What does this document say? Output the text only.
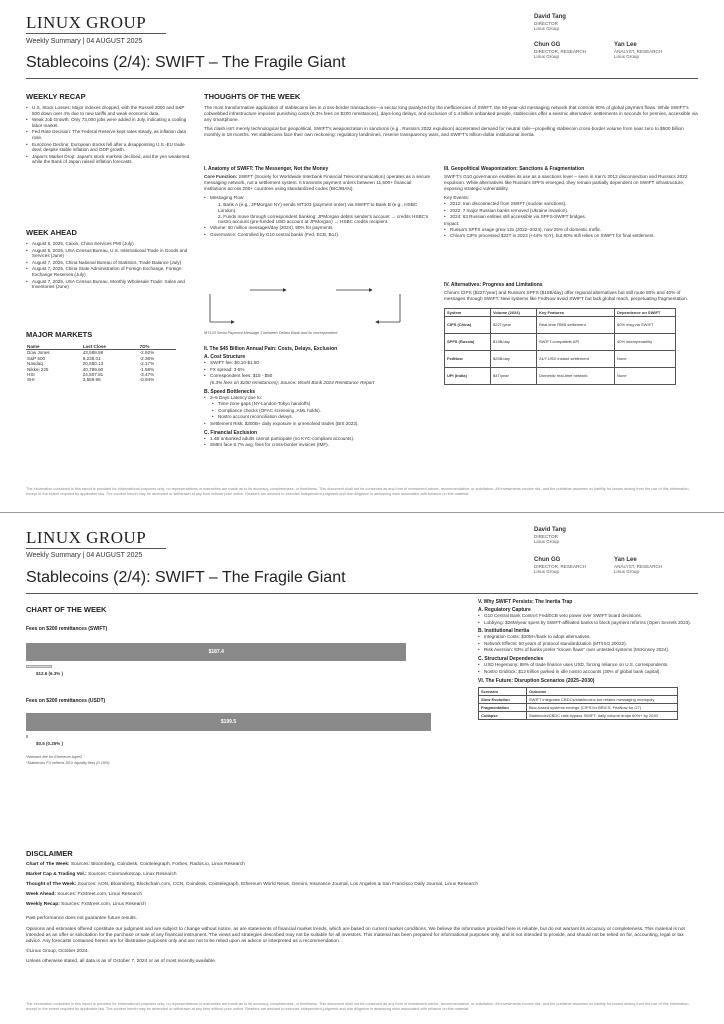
LINUX GROUP
Weekly Summary | 04 AUGUST 2025
Stablecoins (2/4): SWIFT – The Fragile Giant
David Tang
DIRECTOR
Linux Group
Chun GG
DIRECTOR, RESEARCH
Linux Group
Yan Lee
ANALYST, RESEARCH
Linux Group
WEEKLY RECAP
• U.S. Stock Losses: Major indexes dropped, with the Russell 2000 and S&P 500 down over 4% due to new tariffs and weak economic data.
• Weak Job Growth: Only 73,000 jobs were added in July, indicating a cooling labor market.
• Fed Rate Decision: The Federal Reserve kept rates steady, as inflation data rose.
• Eurozone Decline: European stocks fell after a disappointing U.S.-EU trade deal, despite stable inflation and GDP growth.
• Japan's Market Drop: Japan's stock markets declined, and the yen weakened, while the Bank of Japan raised inflation forecasts.
WEEK AHEAD
• August 5, 2025, Caixin, China Services PMI (July)
• August 5, 2025, USA Census Bureau, U.S. International Trade in Goods and Services (June)
• August 7, 2025, China National Bureau of Statistics, Trade Balance (July)
• August 7, 2025, China State Administration of Foreign Exchange, Foreign Exchange Reserves (July)
• August 7, 2025, USA Census Bureau, Monthly Wholesale Trade: Sales and Inventories (June)
MAJOR MARKETS
Name	Last Close	7D%
Dow Jones	43,588.58	-2.92%
S&P 500	6,238.01	-2.36%
Nasdaq	20,650.13	-2.17%
Nikkei 225	40,799.60	-1.58%
HSI	24,507.81	-3.47%
SHI	3,559.95	-0.94%
THOUGHTS OF THE WEEK
The most transformative application of stablecoins lies in cross-border transactions—a sector long paralyzed by the inefficiencies of SWIFT, the 50-year-old messaging network that controls 90% of global payment flows. While SWIFT's cobwebbed infrastructure imposes punishing costs (6.3% fees on $200 remittances), days-long delays, and exclusion of 1.4 billion unbanked people, stablecoins offer a seismic alternative: settlements in seconds for pennies, accessible via any smartphone.
This clash isn't merely technological but geopolitical. SWIFT's weaponization in sanctions (e.g., Russia's 2022 expulsion) accelerated demand for neutral rails—propelling stablecoin cross-border volume from near zero to $500 billion monthly in 18 months. Yet stablecoins face their own reckoning: regulatory landmines, reserve transparency wars, and SWIFT's trillion-dollar institutional inertia.
I. Anatomy of SWIFT: The Messenger, Not the Money
Core Function: SWIFT (Society for Worldwide Interbank Financial Telecommunication) operates as a secure messaging network, not a settlement system. It transmits payment orders between 11,500+ financial institutions across 200+ countries using standardized codes (BIC/IBAN).
• Messaging Flow:
1. Bank A (e.g., JPMorgan NY) sends MT103 (payment order) via SWIFT to Bank B (e.g., HSBC London).
2. Funds move through correspondent banking: JPMorgan debits sender's account → credits HSBC's nostro account (pre-funded USD account at JPMorgan) → HSBC credits recipient.
• Volume: 50 million messages/day (2024), 90% for payments.
• Governance: Controlled by G10 central banks (Fed, ECB, BoJ).
MT103 Serial Payment Message 1 between Debtor Bank and its correspondent
II. The $45 Billion Annual Pain: Costs, Delays, Exclusion
A. Cost Structure
• SWIFT fee: $0.10-$1.50
• FX spread: 3-5%
• Correspondent fees: $15 - $50
(6.3% fees on $200 remittances); Source: World Bank 2024 Remittance Report
B. Speed Bottlenecks
• 3–5 Days Latency due to:
• Time-zone gaps (NY-London-Tokyo handoffs)
• Compliance checks (OFAC screening, AML holds).
• Nostro account reconciliation delays.
• Settlement Risk: $300B+ daily exposure in unresolved trades (BIS 2023).
C. Financial Exclusion
• 1.4B unbanked adults cannot participate (no KYC-compliant accounts).
• SMEs face 8.7% avg. fees for cross-border invoices (IMF).
III. Geopolitical Weaponization: Sanctions & Fragmentation
SWIFT's G10 governance enables its use as a sanctions lever – seen in Iran's 2012 disconnection and Russia's 2022 expulsion. While alternatives like Russia's SPFS emerged, they remain partially dependent on SWIFT infrastructure, exposing strategic vulnerability.
Key Events:
• 2012: Iran disconnected from SWIFT (nuclear sanctions).
• 2022: 7 major Russian banks removed (Ukraine invasion).
• 2024: 63 Russian entities still accessible via SPFS-SWIFT bridges.
Impact:
• Russia's SPFS usage grew 12x (2022–2024), now 25% of domestic traffic.
• China's CIPS processed $22T in 2023 (+44% YoY), but 80% still relies on SWIFT for final settlement.
IV. Alternatives: Progress and Limitations
China's CIPS ($22T/year) and Russia's SPFS ($15B/day) offer regional alternatives but still route 80% and 40% of messages through SWIFT. New systems like FedNow avoid SWIFT but lack global reach, perpetuating fragmentation.
System	Volume (2024)	Key Features	Dependence on SWIFT
CIPS (China)	$22T/year	Real-time RMB settlement	80% msg via SWIFT
SPFS (Russia)	$15B/day	SWIFT-compatible API	40% interoperability
FedNow	$25B/day	24/7 USD instant settlement	None
UPI (India)	$4T/year	Domestic real-time network	None
The information contained in this report is provided for informational purposes only; no representations or warranties are made as to its accuracy, completeness, or timeliness. This document shall not be construed as any form of investment advice, recommendation, or solicitation. All investments involve risk, and the publisher assumes no liability for losses arising from the use of this information, except to the extent required by applicable law. The content herein may be amended or withdrawn at any time without prior notice. Readers are advised to exercise independent judgment and due diligence in assessing risks associated with reliance on this material.
LINUX GROUP
Weekly Summary | 04 AUGUST 2025
Stablecoins (2/4): SWIFT – The Fragile Giant
David Tang
DIRECTOR
Linux Group
Chun GG
DIRECTOR, RESEARCH
Linux Group
Yan Lee
ANALYST, RESEARCH
Linux Group
CHART OF THE WEEK
Fees on $200 remittances (SWIFT)
$187.4
$12.6 (6.3% )
Fees on $200 remittances (USDT)
$199.5
$0.5 (0.25% )
*Network fee for Ethereum layer2
*Stablecoin FX reflects DEX liquidity fees (0.15%)
V. Why SWIFT Persists: The Inertia Trap
A. Regulatory Capture
• G10 Central Bank Control: Fed/ECB veto power over SWIFT board decisions.
• Lobbying: $26M/year spent by SWIFT-affiliated banks to block payment reforms (Open Secrets 2023).
B. Institutional Inertia
• Integration Costs: $20M+/bank to adopt alternatives.
• Network Effects: 50 years of protocol standardization (MT/ISO 20022).
• Risk Aversion: 93% of banks prefer "known flaws" over untested systems (McKinsey 2024).
C. Structural Dependencies
• USD Hegemony: 88% of trade finance uses USD, forcing reliance on U.S. correspondents.
• Nostro Gridlock: $12 trillion parked in idle nostro accounts (30% of global bank capital).
VI. The Future: Disruption Scenarios (2025–2030)
Scenario	Outcome
Slow Evolution	SWIFT integrates CBDCs/stablecoins but retains messaging monopoly
Fragmentation	Bloc-based systems emerge (CIPS for BRICS, FedNow for G7)
Collapse	Stablecoin/CBDC rails bypass SWIFT; daily volume drops 60%+ by 2030
DISCLAIMER
Chart of The Week: Sources: Bloomberg, Coindesk, Cointelegraph, Forbes, Rados.io, Linux Research
Market Cap & Trading Vol.: Sources: Coinmarketcap, Linux Research
Thought of The Week: Sources: AON, Bloomberg, Blockchain.com, CCN, Coindesk, Cointelegraph, Ethereum World News, Gemini, Insurance Journal, Los Angeles & San Francisco Daily Journal, Linux Research
Week Ahead: Sources: FxStreet.com, Linux Research
Weekly Recap: Sources: FxStreet.com, Linux Research
Past performance does not guarantee future results.
Opinions and estimates offered constitute our judgment and are subject to change without notice, as are statements of financial market trends, which are based on current market conditions. We believe the information provided here is reliable, but do not warrant its accuracy or completeness. This material is not intended as an offer or solicitation for the purchase or sale of any financial instrument. The views and strategies described may not be suitable for all investors. This material has been prepared for informational purposes only, and is not intended to provide, and should not be relied on for, accounting, legal or tax advice. Any forecasts contained herein are for illustrative purposes only and are not to be relied upon as advice or interpreted as a recommendation.
©Linux Group, October 2024.
Unless otherwise stated, all data is as of October 7, 2024 or as of most recently available.
The information contained in this report is provided for informational purposes only; no representations or warranties are made as to its accuracy, completeness, or timeliness. This document shall not be construed as any form of investment advice, recommendation, or solicitation. All investments involve risk, and the publisher assumes no liability for losses arising from the use of this information, except to the extent required by applicable law. The content herein may be amended or withdrawn at any time without prior notice. Readers are advised to exercise independent judgment and due diligence in assessing risks associated with reliance on this material.
